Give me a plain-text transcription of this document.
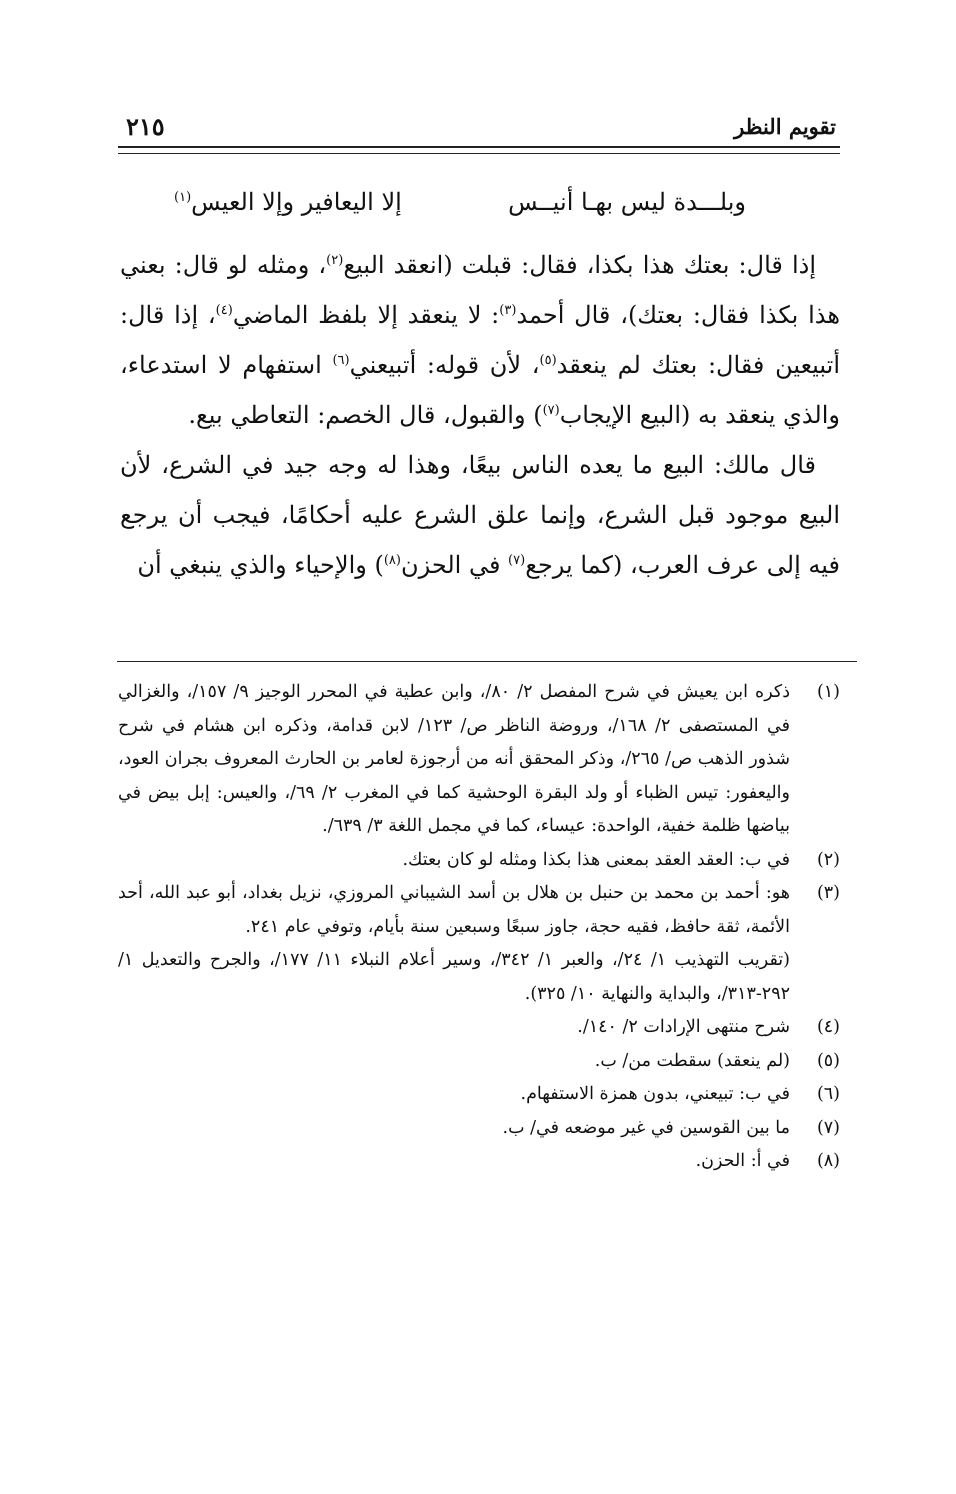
تقويم النظر
٢١٥
وبلـــدة ليس بهـا أنيــس
إلا اليعافير وإلا العيس$^{(١)}$

إذا قال: بعتك هذا بكذا، فقال: قبلت (انعقد البيع$^{(٢)}$، ومثله لو قال: بعني هذا بكذا فقال: بعتك)، قال أحمد$^{(٣)}$: لا ينعقد إلا بلفظ الماضي$^{(٤)}$، إذا قال: أتبيعين فقال: بعتك لم ينعقد$^{(٥)}$، لأن قوله: أتبيعني$^{(٦)}$ استفهام لا استدعاء، والذي ينعقد به (البيع الإيجاب$^{(٧)}$) والقبول، قال الخصم: التعاطي بيع.

قال مالك: البيع ما يعده الناس بيعًا، وهذا له وجه جيد في الشرع، لأن البيع موجود قبل الشرع، وإنما علق الشرع عليه أحكامًا، فيجب أن يرجع فيه إلى عرف العرب، (كما يرجع$^{(٧)}$ في الحزن$^{(٨)}$) والإحياء والذي ينبغي أن

(١)
ذكره ابن يعيش في شرح المفصل ٢/ ٨٠/، وابن عطية في المحرر الوجيز ٩/ ١٥٧/، والغزالي في المستصفى ٢/ ١٦٨/، وروضة الناظر ص/ ١٢٣/ لابن قدامة، وذكره ابن هشام في شرح شذور الذهب ص/ ٢٦٥/، وذكر المحقق أنه من أرجوزة لعامر بن الحارث المعروف بجران العود، واليعفور: تيس الظباء أو ولد البقرة الوحشية كما في المغرب ٢/ ٦٩/، والعيس: إبل بيض في بياضها ظلمة خفية، الواحدة: عيساء، كما في مجمل اللغة ٣/ ٦٣٩/.
(٢)
في ب: العقد العقد بمعنى هذا بكذا ومثله لو كان بعتك.
(٣)
هو: أحمد بن محمد بن حنبل بن هلال بن أسد الشيباني المروزي، نزيل بغداد، أبو عبد الله، أحد الأئمة، ثقة حافظ، فقيه حجة، جاوز سبعًا وسبعين سنة بأيام، وتوفي عام ٢٤١.
(تقريب التهذيب ١/ ٢٤/، والعبر ١/ ٣٤٢/، وسير أعلام النبلاء ١١/ ١٧٧/، والجرح والتعديل ١/ ٢٩٢-٣١٣/، والبداية والنهاية ١٠/ ٣٢٥).
(٤)
شرح منتهى الإرادات ٢/ ١٤٠/.
(٥)
(لم ينعقد) سقطت من/ ب.
(٦)
في ب: تبيعني، بدون همزة الاستفهام.
(٧)
ما بين القوسين في غير موضعه في/ ب.
(٨)
في أ: الحزن.
